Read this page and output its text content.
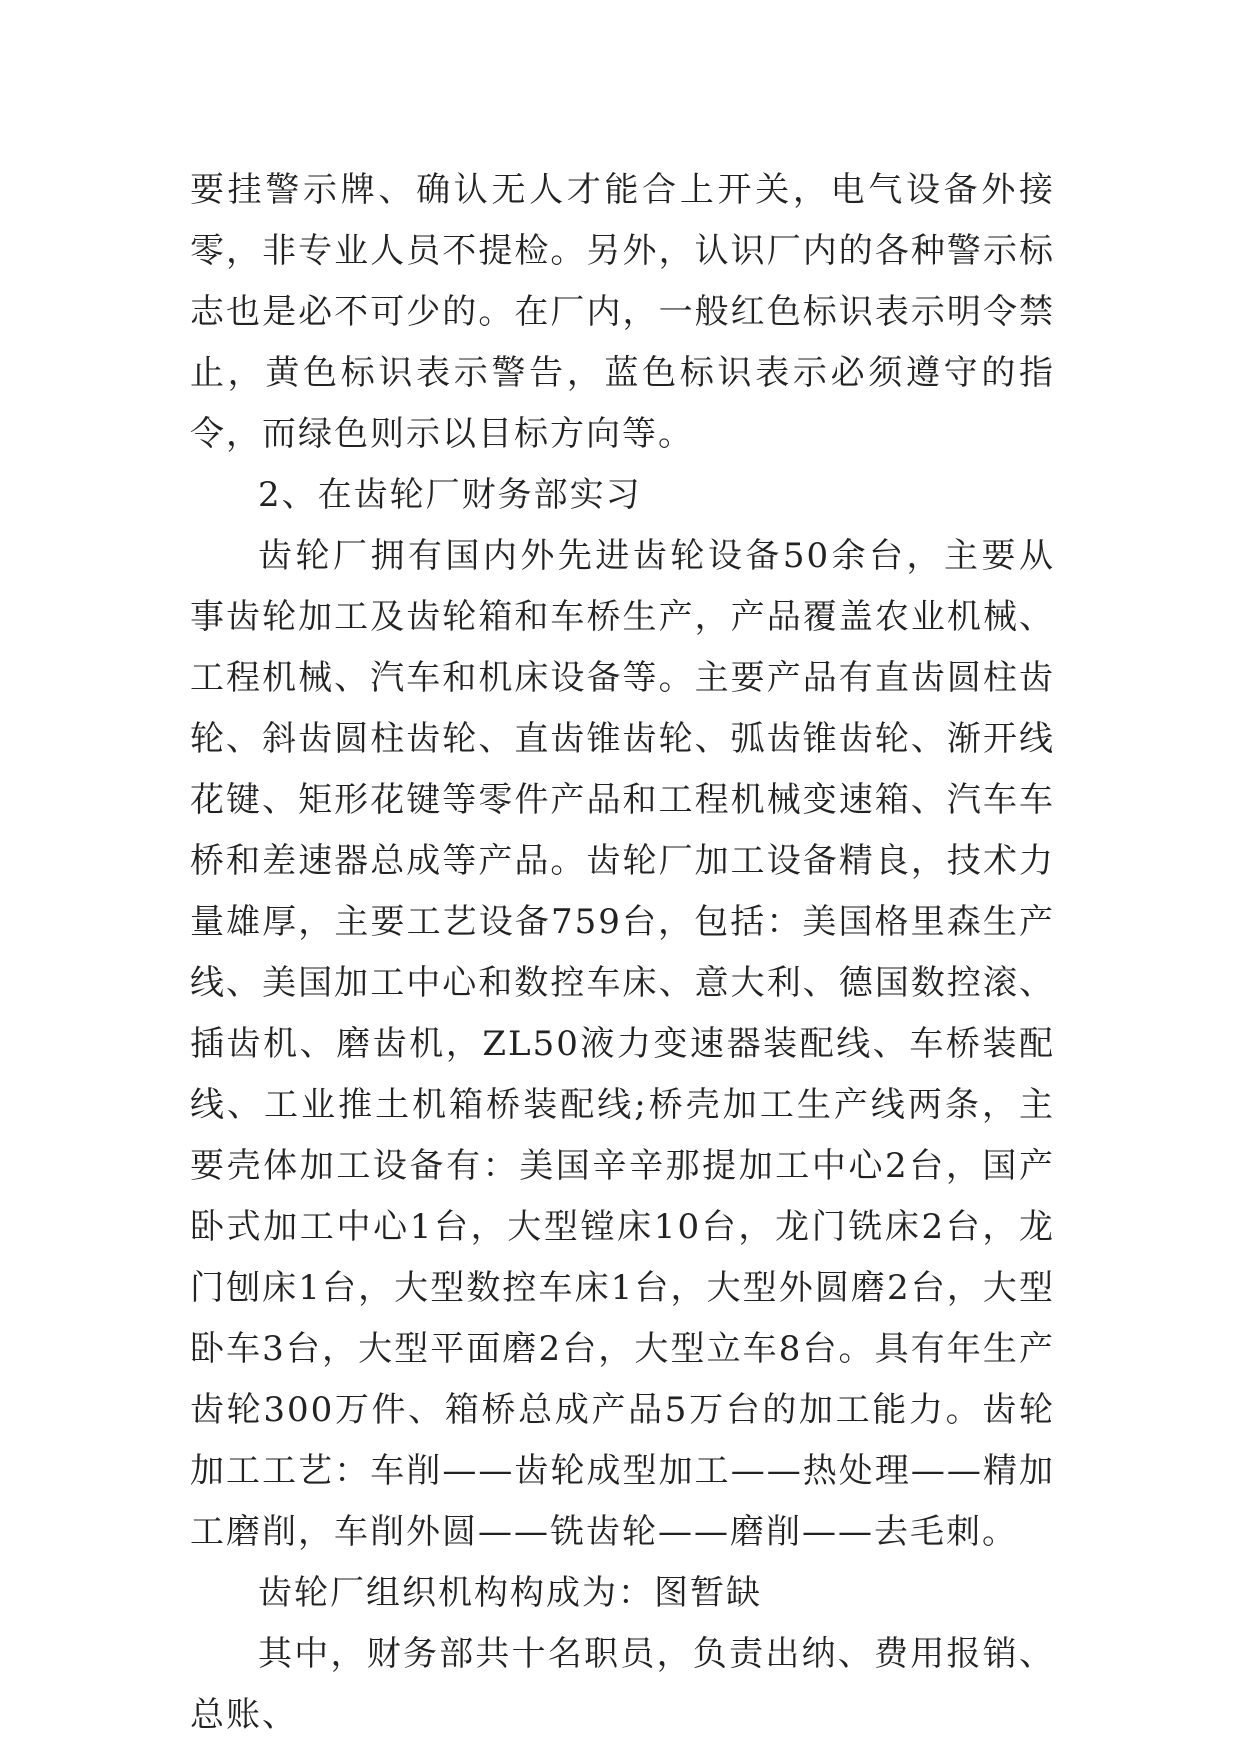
要挂警示牌、确认无人才能合上开关，电气设备外接零，非专业人员不提检。另外，认识厂内的各种警示标志也是必不可少的。在厂内，一般红色标识表示明令禁止，黄色标识表示警告，蓝色标识表示必须遵守的指令，而绿色则示以目标方向等。

2、在齿轮厂财务部实习

齿轮厂拥有国内外先进齿轮设备50余台，主要从事齿轮加工及齿轮箱和车桥生产，产品覆盖农业机械、工程机械、汽车和机床设备等。主要产品有直齿圆柱齿轮、斜齿圆柱齿轮、直齿锥齿轮、弧齿锥齿轮、渐开线花键、矩形花键等零件产品和工程机械变速箱、汽车车桥和差速器总成等产品。齿轮厂加工设备精良，技术力量雄厚，主要工艺设备759台，包括：美国格里森生产线、美国加工中心和数控车床、意大利、德国数控滚、插齿机、磨齿机，ZL50液力变速器装配线、车桥装配线、工业推土机箱桥装配线;桥壳加工生产线两条，主要壳体加工设备有：美国辛辛那提加工中心2台，国产卧式加工中心1台，大型镗床10台，龙门铣床2台，龙门刨床1台，大型数控车床1台，大型外圆磨2台，大型卧车3台，大型平面磨2台，大型立车8台。具有年生产齿轮300万件、箱桥总成产品5万台的加工能力。齿轮加工工艺：车削——齿轮成型加工——热处理——精加工磨削，车削外圆——铣齿轮——磨削——去毛刺。

齿轮厂组织机构构成为：图暂缺

其中，财务部共十名职员，负责出纳、费用报销、总账、
